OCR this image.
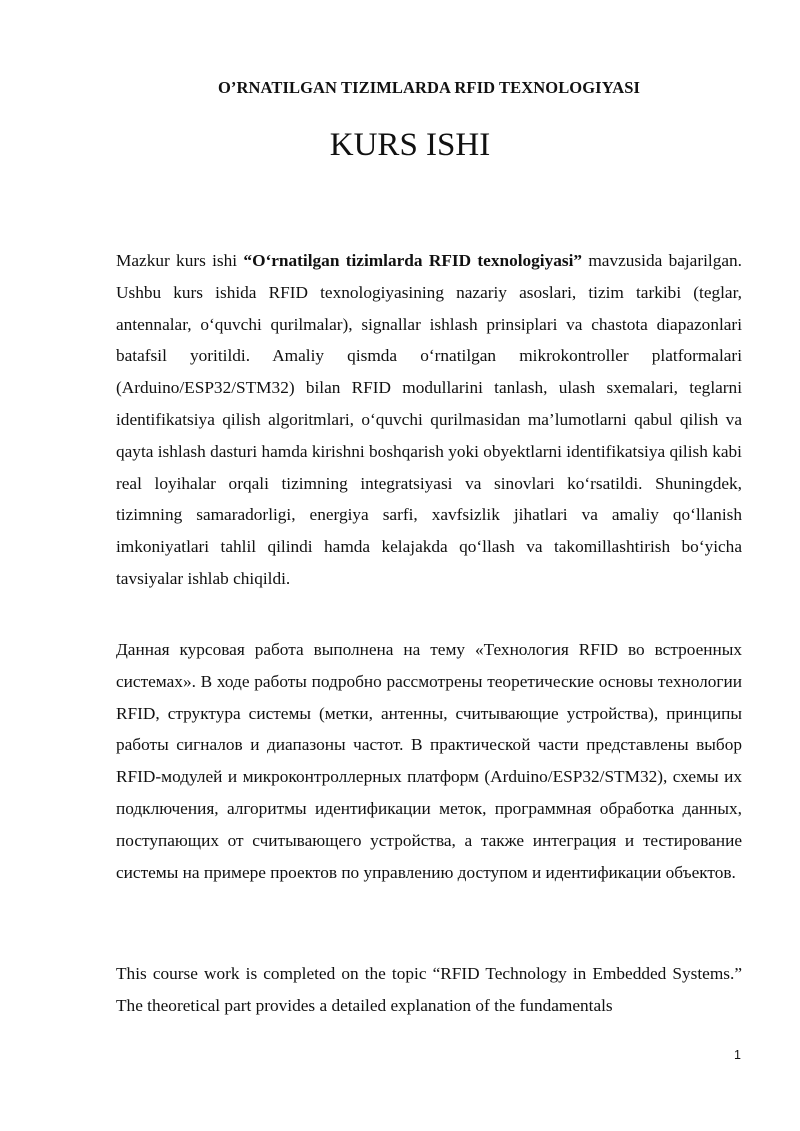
O’RNATILGAN TIZIMLARDA RFID TEXNOLOGIYASI
KURS ISHI

Mazkur kurs ishi “O‘rnatilgan tizimlarda RFID texnologiyasi” mavzusida bajarilgan. Ushbu kurs ishida RFID texnologiyasining nazariy asoslari, tizim tarkibi (teglar, antennalar, o‘quvchi qurilmalar), signallar ishlash prinsiplari va chastota diapazonlari batafsil yoritildi. Amaliy qismda o‘rnatilgan mikrokontroller platformalari (Arduino/ESP32/STM32) bilan RFID modullarini tanlash, ulash sxemalari, teglarni identifikatsiya qilish algoritmlari, o‘quvchi qurilmasidan ma’lumotlarni qabul qilish va qayta ishlash dasturi hamda kirishni boshqarish yoki obyektlarni identifikatsiya qilish kabi real loyihalar orqali tizimning integratsiyasi va sinovlari ko‘rsatildi. Shuningdek, tizimning samaradorligi, energiya sarfi, xavfsizlik jihatlari va amaliy qo‘llanish imkoniyatlari tahlil qilindi hamda kelajakda qo‘llash va takomillashtirish bo‘yicha tavsiyalar ishlab chiqildi.

Данная курсовая работа выполнена на тему «Технология RFID во встроенных системах». В ходе работы подробно рассмотрены теоретические основы технологии RFID, структура системы (метки, антенны, считывающие устройства), принципы работы сигналов и диапазоны частот. В практической части представлены выбор RFID-модулей и микроконтроллерных платформ (Arduino/ESP32/STM32), схемы их подключения, алгоритмы идентификации меток, программная обработка данных, поступающих от считывающего устройства, а также интеграция и тестирование системы на примере проектов по управлению доступом и идентификации объектов.

This course work is completed on the topic “RFID Technology in Embedded Systems.” The theoretical part provides a detailed explanation of the fundamentals

1
